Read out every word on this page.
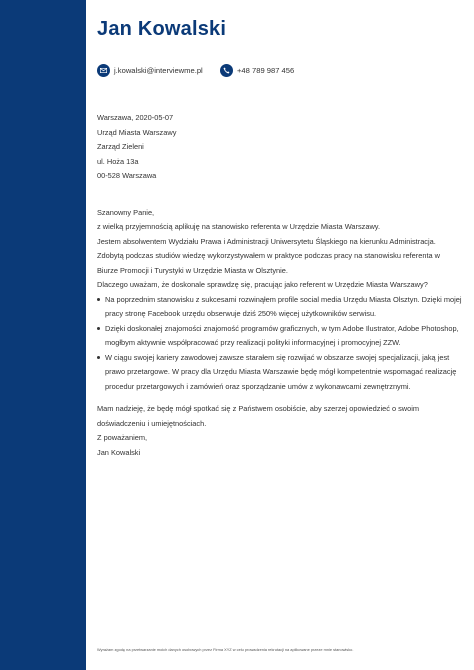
Jan Kowalski
j.kowalski@interviewme.pl	+48 789 987 456

Warszawa, 2020-05-07

Urząd Miasta Warszawy

Zarząd Zieleni

ul. Hoża 13a

00-528 Warszawa

Szanowny Panie,

z wielką przyjemnością aplikuję na stanowisko referenta w Urzędzie Miasta Warszawy.

Jestem absolwentem Wydziału Prawa i Administracji Uniwersytetu Śląskiego na kierunku Administracja. Zdobytą podczas studiów wiedzę wykorzystywałem w praktyce podczas pracy na stanowisku referenta w Biurze Promocji i Turystyki w Urzędzie Miasta w Olsztynie.

Dlaczego uważam, że doskonale sprawdzę się, pracując jako referent w Urzędzie Miasta Warszawy?

Na poprzednim stanowisku z sukcesami rozwinąłem profile social media Urzędu Miasta Olsztyn. Dzięki mojej pracy stronę Facebook urzędu obserwuje dziś 250% więcej użytkowników serwisu.
Dzięki doskonałej znajomości znajomość programów graficznych, w tym Adobe Ilustrator, Adobe Photoshop, mogłbym aktywnie współpracować przy realizacji polityki informacyjnej i promocyjnej ZZW.
W ciągu swojej kariery zawodowej zawsze starałem się rozwijać w obszarze swojej specjalizacji, jaką jest prawo przetargowe. W pracy dla Urzędu Miasta Warszawie będę mógł kompetentnie wspomagać realizację procedur przetargowych i zamówień oraz sporządzanie umów z wykonawcami zewnętrznymi.

Mam nadzieję, że będę mógł spotkać się z Państwem osobiście, aby szerzej opowiedzieć o swoim doświadczeniu i umiejętnościach.

Z poważaniem,

Jan Kowalski

Wyrażam zgodę na przetwarzanie moich danych osobowych przez Firma XYZ w celu prowadzenia rekrutacji na aplikowane przeze mnie stanowisko.
